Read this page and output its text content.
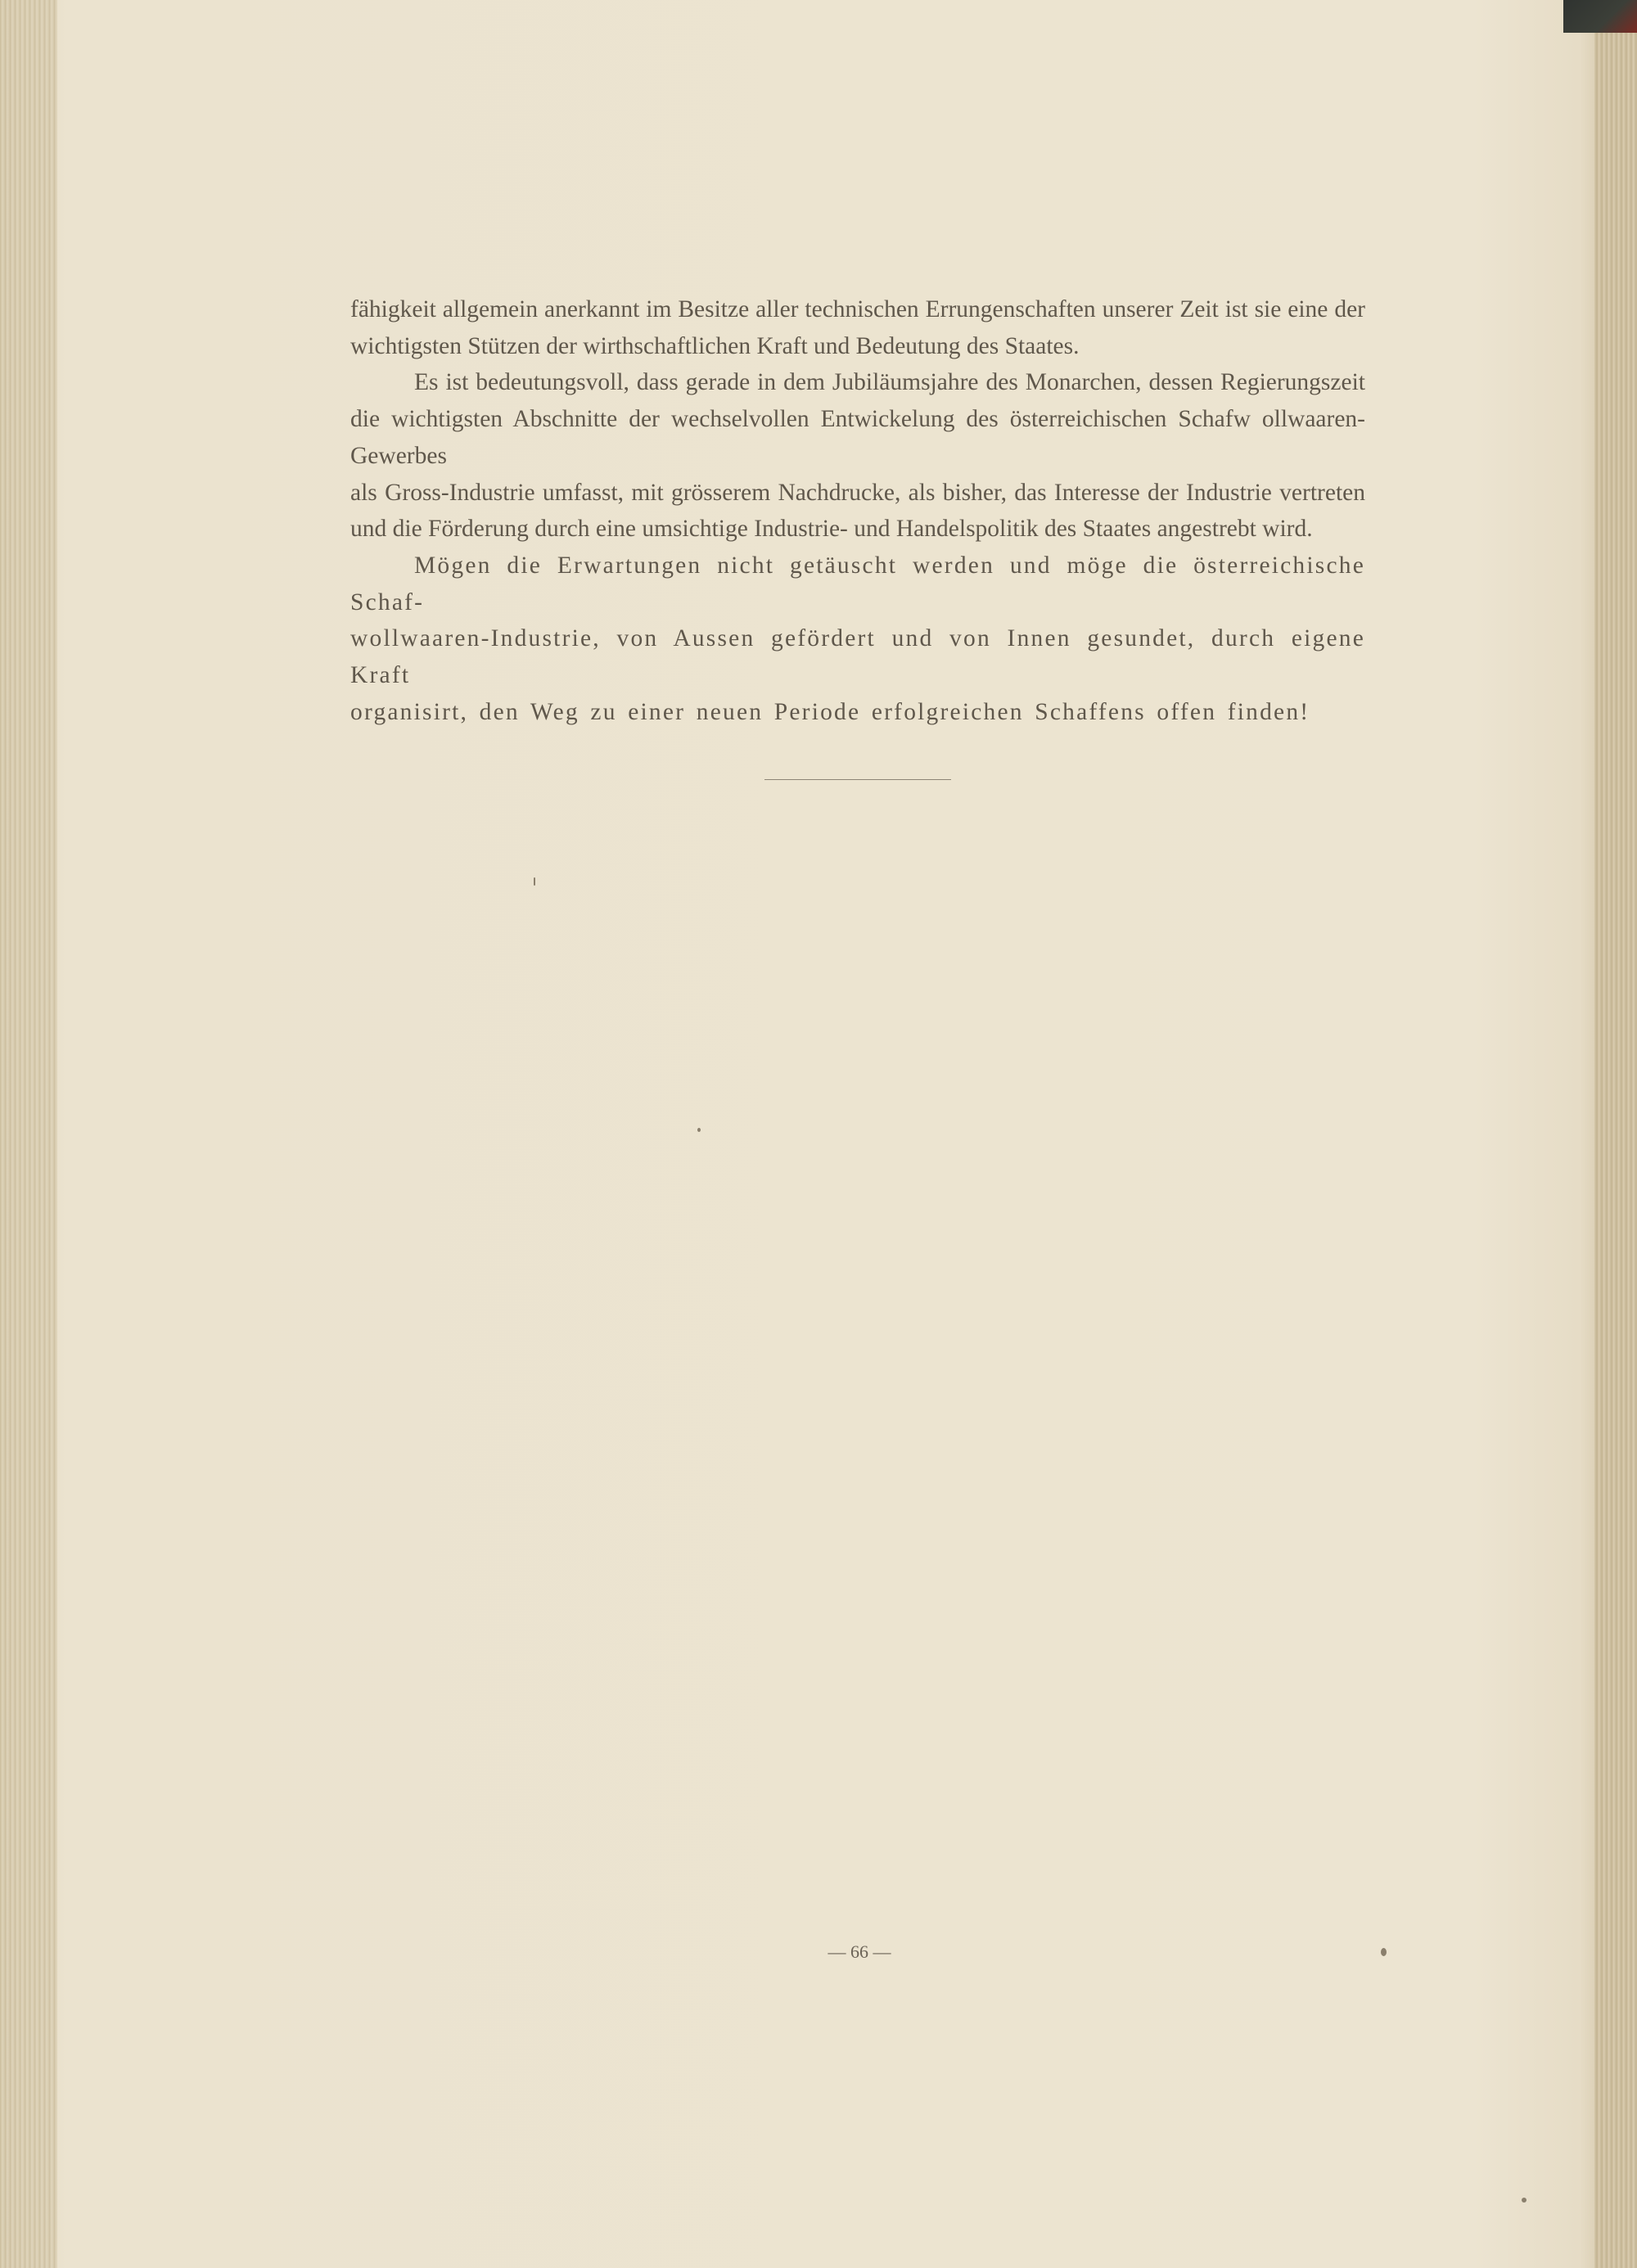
fähigkeit allgemein anerkannt im Besitze aller technischen Errungenschaften unserer Zeit ist sie eine der

wichtigsten Stützen der wirthschaftlichen Kraft und Bedeutung des Staates.

Es ist bedeutungsvoll, dass gerade in dem Jubiläumsjahre des Monarchen, dessen Regierungszeit

die wichtigsten Abschnitte der wechselvollen Entwickelung des österreichischen Schafw ollwaaren-Gewerbes

als Gross-Industrie umfasst, mit grösserem Nachdrucke, als bisher, das Interesse der Industrie vertreten

und die Förderung durch eine umsichtige Industrie- und Handelspolitik des Staates angestrebt wird.

Mögen die Erwartungen nicht getäuscht werden und möge die österreichische Schaf-

wollwaaren-Industrie, von Aussen gefördert und von Innen gesundet, durch eigene Kraft

organisirt, den Weg zu einer neuen Periode erfolgreichen Schaffens offen finden!

— 66 —
